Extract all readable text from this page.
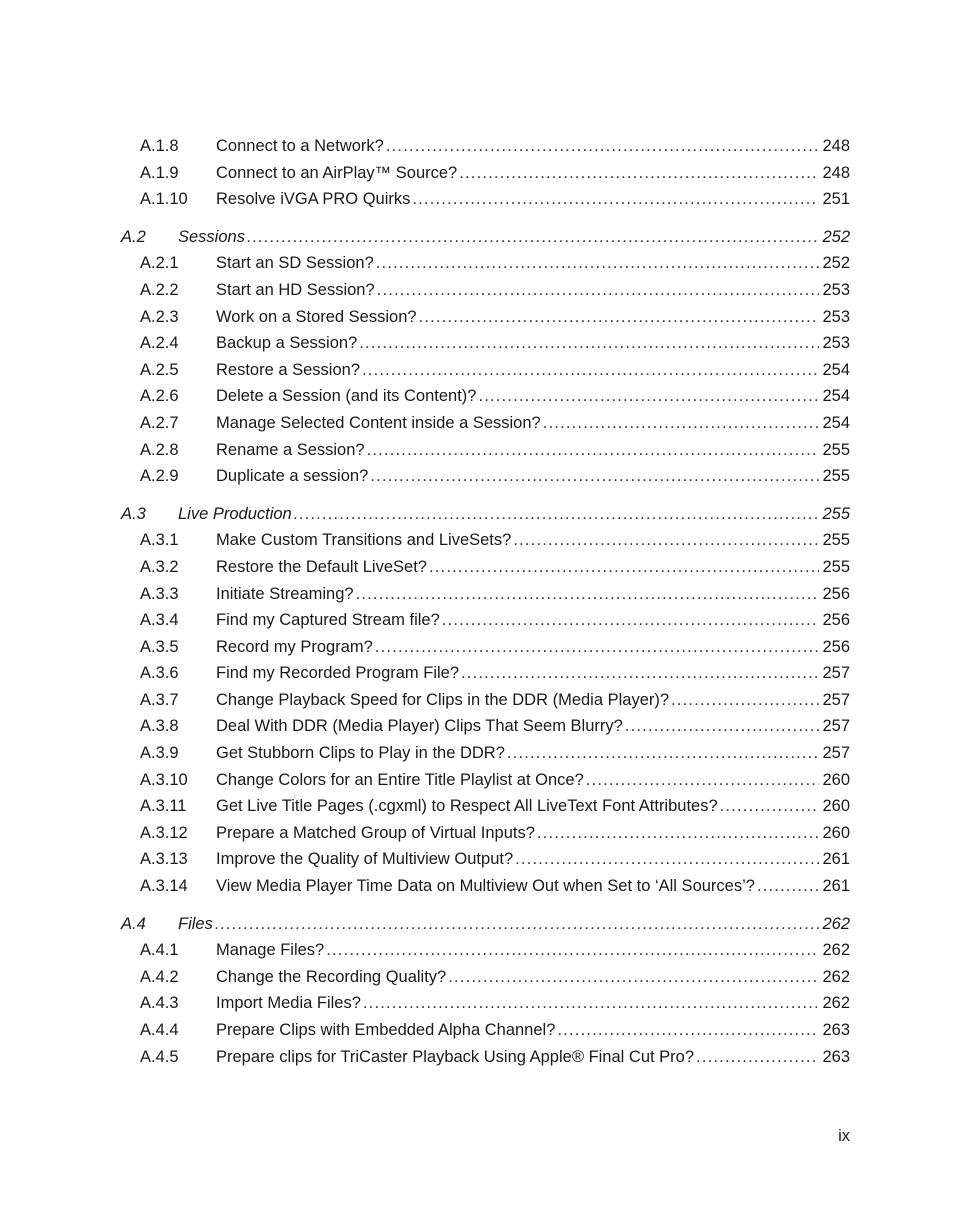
A.1.8 Connect to a Network? .....	248
A.1.9 Connect to an AirPlay™ Source? .....	248
A.1.10 Resolve iVGA PRO Quirks .....	251
A.2 Sessions .....	252
A.2.1 Start an SD Session? .....	252
A.2.2 Start an HD Session? .....	253
A.2.3 Work on a Stored Session? .....	253
A.2.4 Backup a Session? .....	253
A.2.5 Restore a Session? .....	254
A.2.6 Delete a Session (and its Content)? .....	254
A.2.7 Manage Selected Content inside a Session? .....	254
A.2.8 Rename a Session? .....	255
A.2.9 Duplicate a session? .....	255
A.3 Live Production .....	255
A.3.1 Make Custom Transitions and LiveSets? .....	255
A.3.2 Restore the Default LiveSet? .....	255
A.3.3 Initiate Streaming? .....	256
A.3.4 Find my Captured Stream file? .....	256
A.3.5 Record my Program? .....	256
A.3.6 Find my Recorded Program File? .....	257
A.3.7 Change Playback Speed for Clips in the DDR (Media Player)? .....	257
A.3.8 Deal With DDR (Media Player) Clips That Seem Blurry? .....	257
A.3.9 Get Stubborn Clips to Play in the DDR? .....	257
A.3.10 Change Colors for an Entire Title Playlist at Once? .....	260
A.3.11 Get Live Title Pages (.cgxml) to Respect All LiveText Font Attributes? .....	260
A.3.12 Prepare a Matched Group of Virtual Inputs? .....	260
A.3.13 Improve the Quality of Multiview Output? .....	261
A.3.14 View Media Player Time Data on Multiview Out when Set to ‘All Sources’? .....	261
A.4 Files .....	262
A.4.1 Manage Files? .....	262
A.4.2 Change the Recording Quality? .....	262
A.4.3 Import Media Files? .....	262
A.4.4 Prepare Clips with Embedded Alpha Channel? .....	263
A.4.5 Prepare clips for TriCaster Playback Using Apple® Final Cut Pro? .....	263
ix
